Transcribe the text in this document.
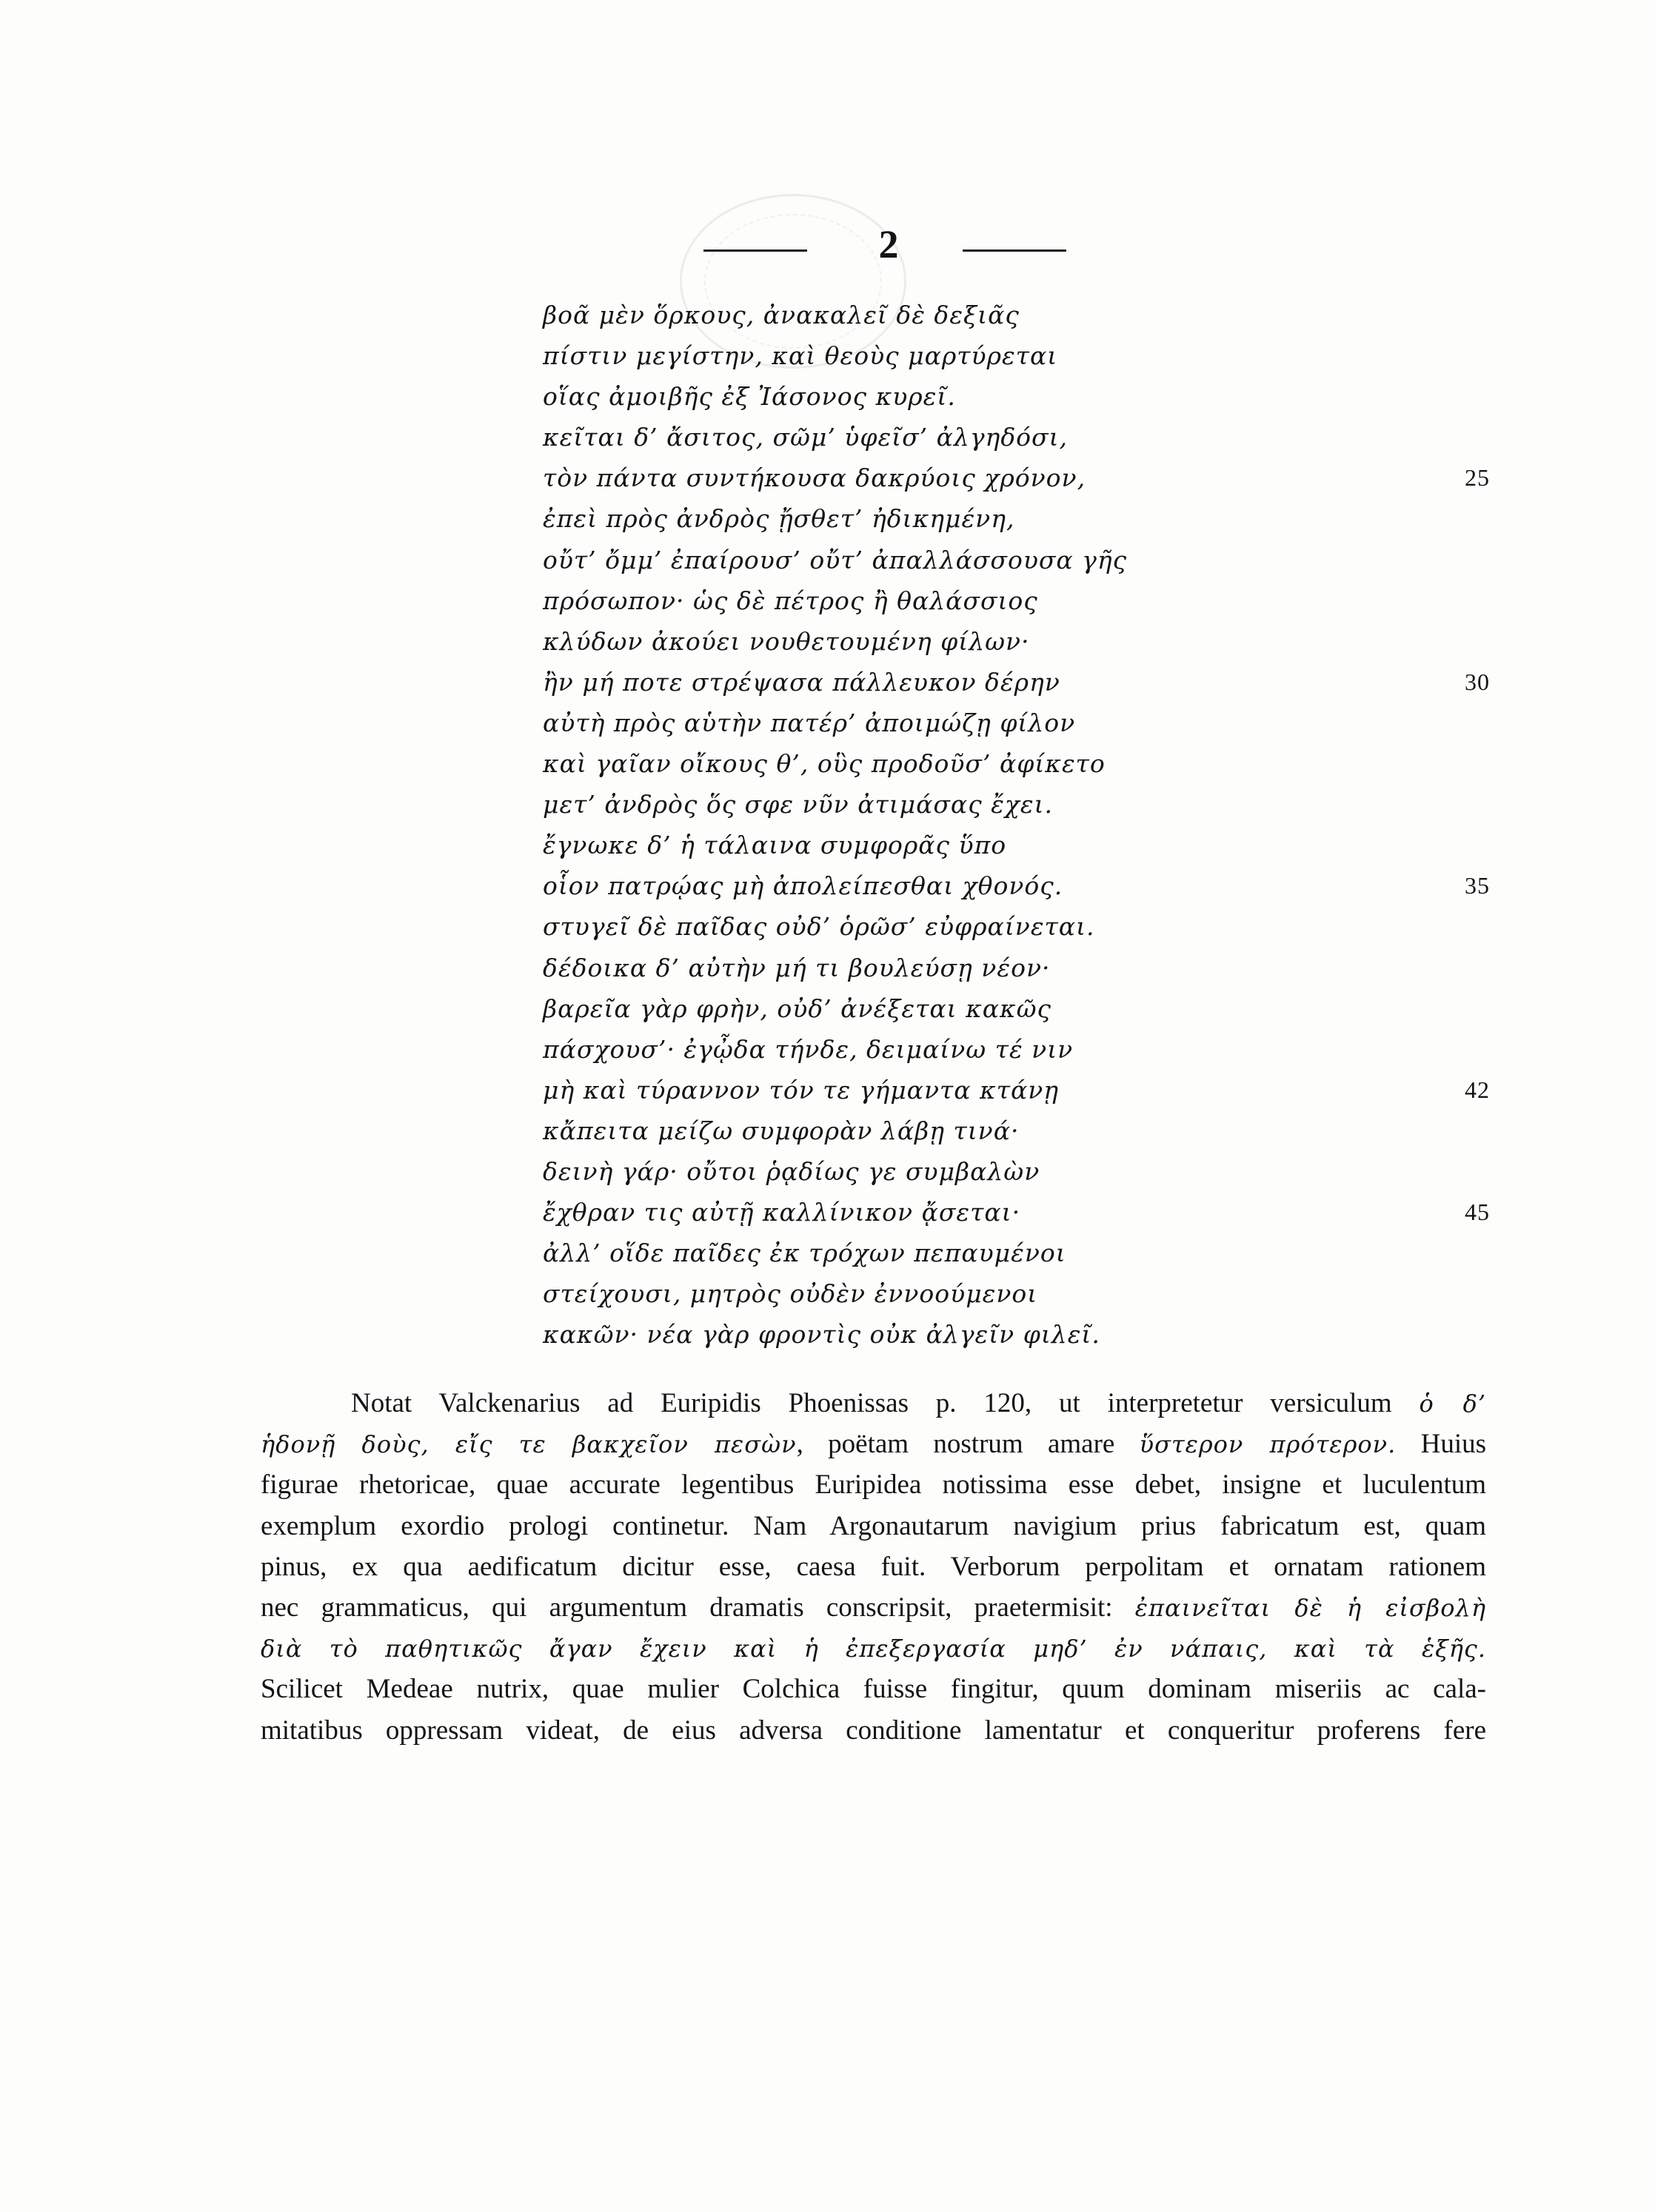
2
βοᾶ μὲν ὅρκους, ἀνακαλεῖ δὲ δεξιᾶς
πίστιν μεγίστην, καὶ θεοὺς μαρτύρεται
οἵας ἀμοιβῆς ἐξ Ἰάσονος κυρεῖ.
κεῖται δ’ ἄσιτος, σῶμ’ ὑφεῖσ’ ἀλγηδόσι,
τὸν πάντα συντήκουσα δακρύοις χρόνον,	25
ἐπεὶ πρὸς ἀνδρὸς ᾔσθετ’ ἠδικημένη,
οὔτ’ ὄμμ’ ἐπαίρουσ’ οὔτ’ ἀπαλλάσσουσα γῆς
πρόσωπον· ὡς δὲ πέτρος ἢ θαλάσσιος
κλύδων ἀκούει νουθετουμένη φίλων·
ἢν μή ποτε στρέψασα πάλλευκον δέρην	30
αὐτὴ πρὸς αὑτὴν πατέρ’ ἀποιμώζῃ φίλον
καὶ γαῖαν οἴκους θ’, οὓς προδοῦσ’ ἀφίκετο
μετ’ ἀνδρὸς ὅς σφε νῦν ἀτιμάσας ἔχει.
ἔγνωκε δ’ ἡ τάλαινα συμφορᾶς ὕπο
οἷον πατρῴας μὴ ἀπολείπεσθαι χθονός.	35
στυγεῖ δὲ παῖδας οὐδ’ ὁρῶσ’ εὐφραίνεται.
δέδοικα δ’ αὐτὴν μή τι βουλεύσῃ νέον·
βαρεῖα γὰρ φρὴν, οὐδ’ ἀνέξεται κακῶς
πάσχουσ’· ἐγᾦδα τήνδε, δειμαίνω τέ νιν
μὴ καὶ τύραννον τόν τε γήμαντα κτάνῃ	42
κἄπειτα μείζω συμφορὰν λάβῃ τινά·
δεινὴ γάρ· οὔτοι ῥᾳδίως γε συμβαλὼν
ἔχθραν τις αὐτῇ καλλίνικον ᾄσεται·	45
ἀλλ’ οἵδε παῖδες ἐκ τρόχων πεπαυμένοι
στείχουσι, μητρὸς οὐδὲν ἐννοούμενοι
κακῶν· νέα γὰρ φροντὶς οὐκ ἀλγεῖν φιλεῖ.
Notat Valckenarius ad Euripidis Phoenissas p. 120, ut interpretetur versiculum ὁ δ’
ἡδονῇ δοὺς, εἴς τε βακχεῖον πεσὼν, poëtam nostrum amare ὕστερον πρότερον. Huius
figurae rhetoricae, quae accurate legentibus Euripidea notissima esse debet, insigne et luculentum
exemplum exordio prologi continetur. Nam Argonautarum navigium prius fabricatum est, quam
pinus, ex qua aedificatum dicitur esse, caesa fuit. Verborum perpolitam et ornatam rationem
nec grammaticus, qui argumentum dramatis conscripsit, praetermisit: ἐπαινεῖται δὲ ἡ εἰσβολὴ
διὰ τὸ παθητικῶς ἄγαν ἔχειν καὶ ἡ ἐπεξεργασία μηδ’ ἐν νάπαις, καὶ τὰ ἑξῆς.
Scilicet Medeae nutrix, quae mulier Colchica fuisse fingitur, quum dominam miseriis ac cala-
mitatibus oppressam videat, de eius adversa conditione lamentatur et conqueritur proferens fere
